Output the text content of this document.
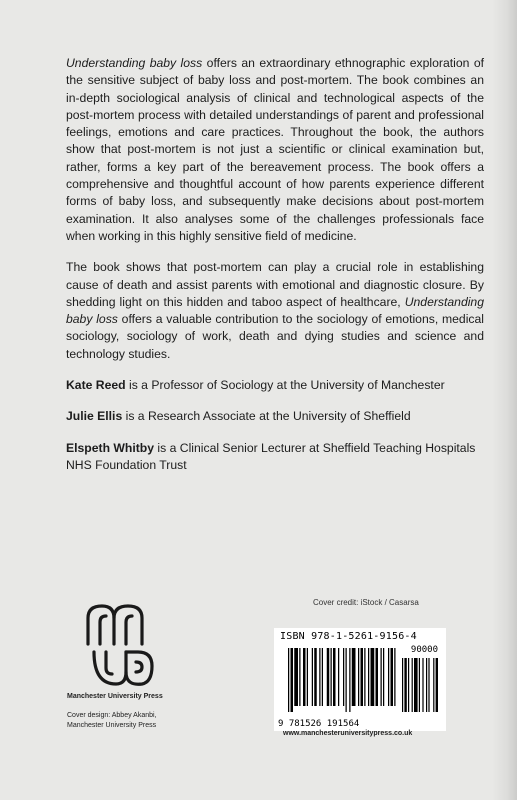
Understanding baby loss offers an extraordinary ethnographic exploration of the sensitive subject of baby loss and post-mortem. The book combines an in-depth sociological analysis of clinical and technological aspects of the post-mortem process with detailed understandings of parent and professional feelings, emotions and care practices. Throughout the book, the authors show that post-mortem is not just a scientific or clinical examination but, rather, forms a key part of the bereavement process. The book offers a comprehensive and thoughtful account of how parents experience different forms of baby loss, and subsequently make decisions about post-mortem examination. It also analyses some of the challenges professionals face when working in this highly sensitive field of medicine.

The book shows that post-mortem can play a crucial role in establishing cause of death and assist parents with emotional and diagnostic closure. By shedding light on this hidden and taboo aspect of healthcare, Understanding baby loss offers a valuable contribution to the sociology of emotions, medical sociology, sociology of work, death and dying studies and science and technology studies.

Kate Reed is a Professor of Sociology at the University of Manchester

Julie Ellis is a Research Associate at the University of Sheffield

Elspeth Whitby is a Clinical Senior Lecturer at Sheffield Teaching Hospitals NHS Foundation Trust

Cover credit: iStock / Casarsa
Manchester University Press
Cover design: Abbey Akanbi,
Manchester University Press
ISBN 978-1-5261-9156-4
90000
9 781526 191564
www.manchesteruniversitypress.co.uk
